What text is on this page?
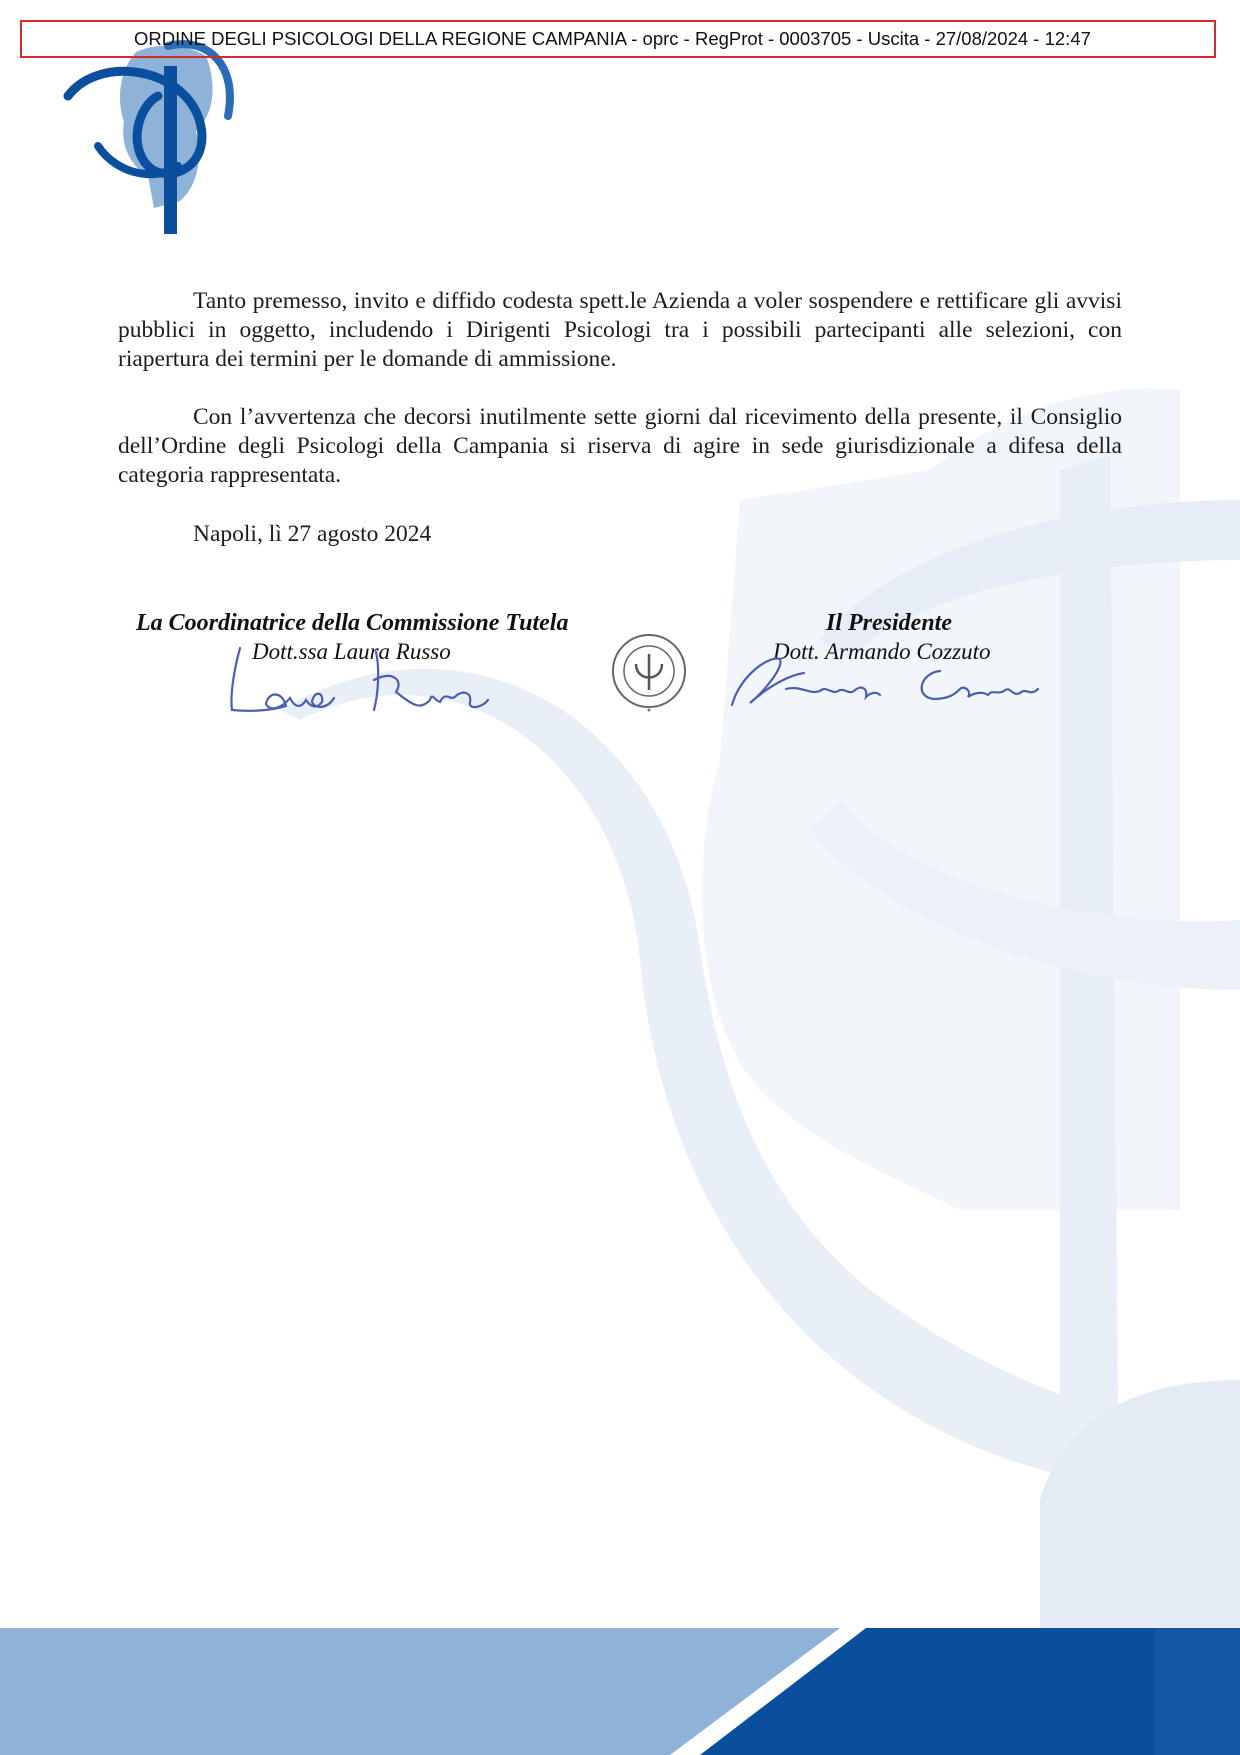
ORDINE DEGLI PSICOLOGI DELLA REGIONE CAMPANIA - oprc - RegProt - 0003705 - Uscita - 27/08/2024 - 12:47
Tanto premesso, invito e diffido codesta spett.le Azienda a voler sospendere e rettificare gli avvisi pubblici in oggetto, includendo i Dirigenti Psicologi tra i possibili partecipanti alle selezioni, con riapertura dei termini per le domande di ammissione.
Con l’avvertenza che decorsi inutilmente sette giorni dal ricevimento della presente, il Consiglio dell’Ordine degli Psicologi della Campania si riserva di agire in sede giurisdizionale a difesa della categoria rappresentata.
Napoli, lì 27 agosto 2024
La Coordinatrice della Commissione Tutela
Dott.ssa Laura Russo
Il Presidente
Dott. Armando Cozzuto
★
